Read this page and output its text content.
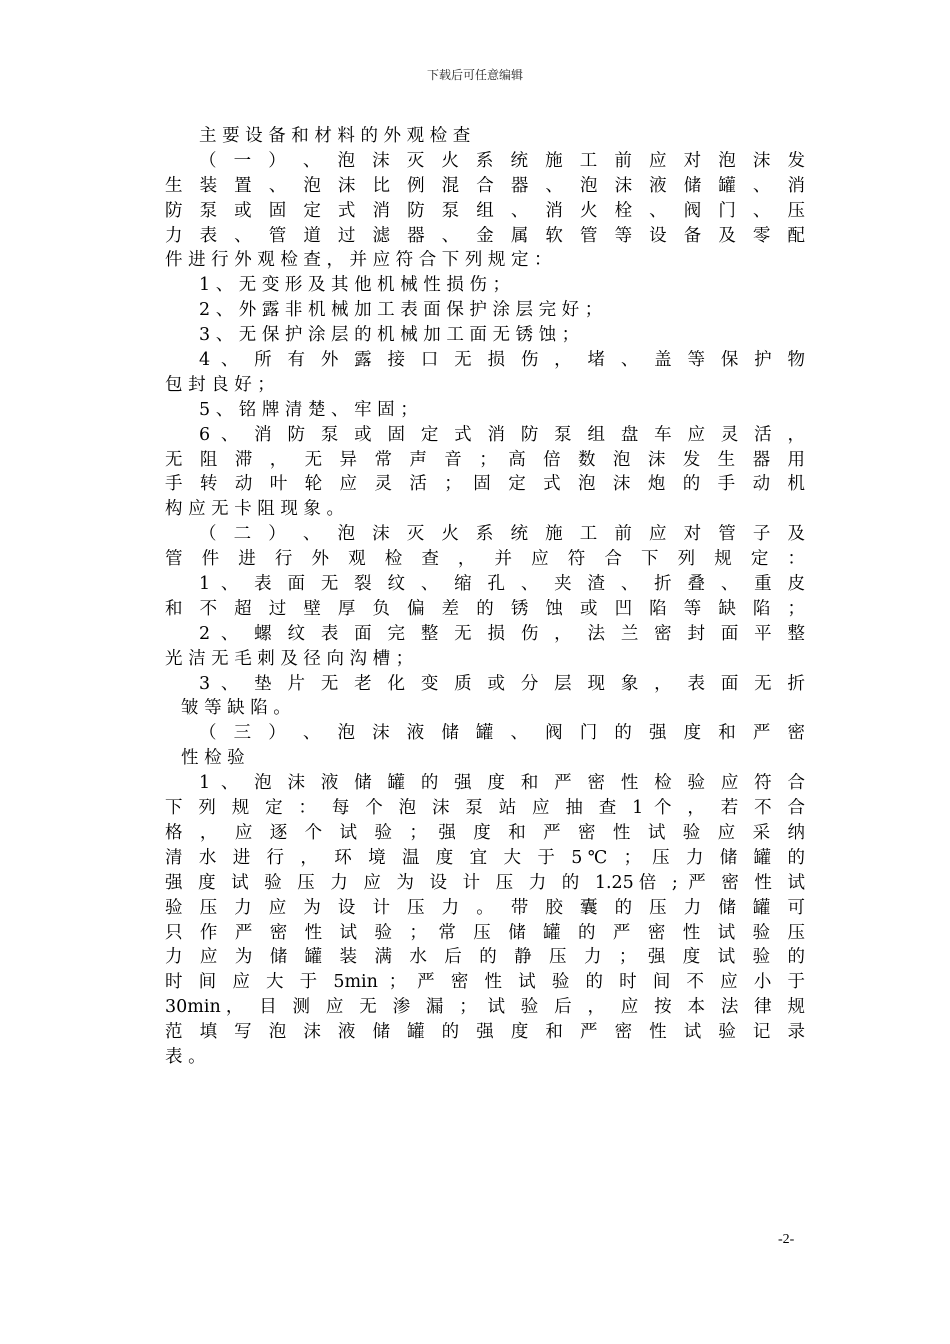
下载后可任意编辑
主 要 设 备 和 材 料 的 外 观 检 查
（ 一 ） 、 泡 沫 灭 火 系 统 施 工 前 应 对 泡 沫 发
生 装 置 、 泡 沫 比 例 混 合 器 、 泡 沫 液 储 罐 、 消
防 泵 或 固 定 式 消 防 泵 组 、 消 火 栓 、 阀 门 、 压
力 表 、 管 道 过 滤 器 、 金 属 软 管 等 设 备 及 零 配
件 进 行 外 观 检 查 ， 并 应 符 合 下 列 规 定 ：
1 、 无 变 形 及 其 他 机 械 性 损 伤 ；
2 、 外 露 非 机 械 加 工 表 面 保 护 涂 层 完 好 ；
3 、 无 保 护 涂 层 的 机 械 加 工 面 无 锈 蚀 ；
4 、 所 有 外 露 接 口 无 损 伤 ， 堵 、 盖 等 保 护 物
包 封 良 好 ；
5 、 铭 牌 清 楚 、 牢 固 ；
6 、 消 防 泵 或 固 定 式 消 防 泵 组 盘 车 应 灵 活 ，
无 阻 滞 ， 无 异 常 声 音 ； 高 倍 数 泡 沫 发 生 器 用
手 转 动 叶 轮 应 灵 活 ； 固 定 式 泡 沫 炮 的 手 动 机
构 应 无 卡 阻 现 象 。
（ 二 ） 、 泡 沫 灭 火 系 统 施 工 前 应 对 管 子 及
管 件 进 行 外 观 检 查 ， 并 应 符 合 下 列 规 定 ：
1 、 表 面 无 裂 纹 、 缩 孔 、 夹 渣 、 折 叠 、 重 皮
和 不 超 过 壁 厚 负 偏 差 的 锈 蚀 或 凹 陷 等 缺 陷 ；
2 、 螺 纹 表 面 完 整 无 损 伤 ， 法 兰 密 封 面 平 整
光 洁 无 毛 刺 及 径 向 沟 槽 ；
3 、 垫 片 无 老 化 变 质 或 分 层 现 象 ， 表 面 无 折
皱 等 缺 陷 。
（ 三 ） 、 泡 沫 液 储 罐 、 阀 门 的 强 度 和 严 密
性 检 验
1 、 泡 沫 液 储 罐 的 强 度 和 严 密 性 检 验 应 符 合
下 列 规 定 ： 每 个 泡 沫 泵 站 应 抽 查 1 个 ， 若 不 合
格 ， 应 逐 个 试 验 ； 强 度 和 严 密 性 试 验 应 采 纳
清 水 进 行 ， 环 境 温 度 宜 大 于 5℃ ； 压 力 储 罐 的
强 度 试 验 压 力 应 为 设 计 压 力 的 1.25倍 ; 严 密 性 试
验 压 力 应 为 设 计 压 力 。 带 胶 囊 的 压 力 储 罐 可
只 作 严 密 性 试 验 ； 常 压 储 罐 的 严 密 性 试 验 压
力 应 为 储 罐 装 满 水 后 的 静 压 力 ； 强 度 试 验 的
时 间 应 大 于 5min ； 严 密 性 试 验 的 时 间 不 应 小 于
30min， 目 测 应 无 渗 漏 ； 试 验 后 ， 应 按 本 法 律 规
范 填 写 泡 沫 液 储 罐 的 强 度 和 严 密 性 试 验 记 录
表 。
-2-
